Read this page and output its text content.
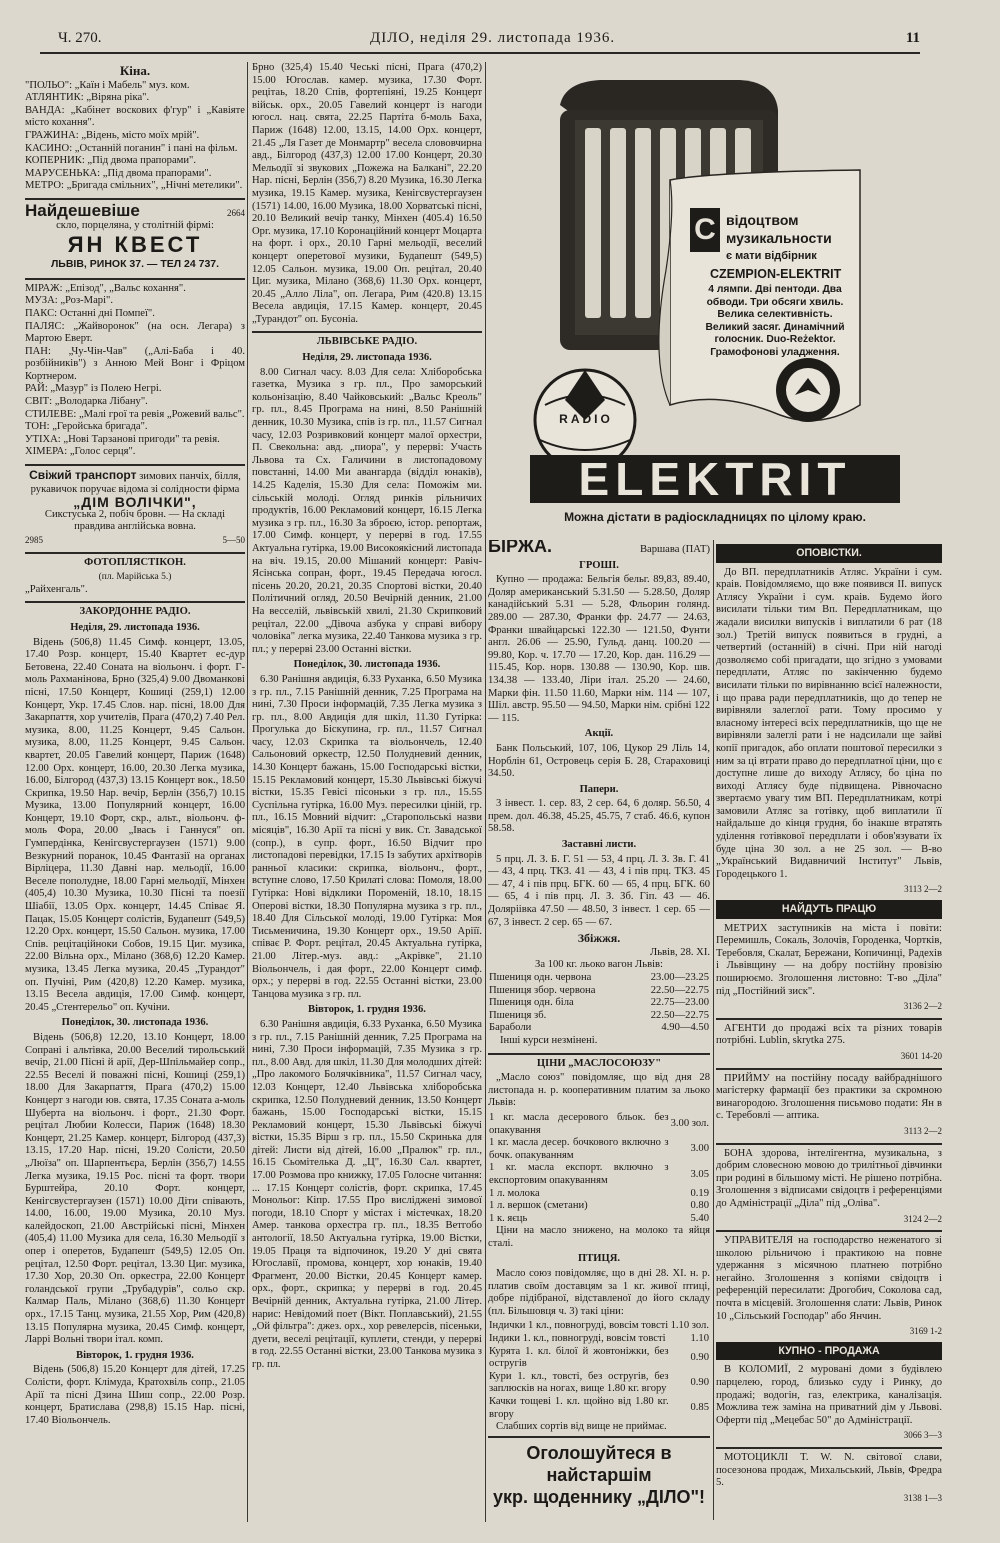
Ч. 270.	ДІЛО, неділя 29. листопада 1936.	11
Кіна.
"ПОЛЬО": „Каїн і Мабель" муз. ком.
АТЛЯНТИК: „Віряна ріка".
ВАНДА: „Кабінет воскових ф'гур" і „Кавіяте місто кохання".
ГРАЖИНА: „Відень, місто моїх мрій".
КАСИНО: „Останній поганин" і пані на фільм.
КОПЕРНИК: „Під двома прапорами".
МАРУСЕНЬКА: „Під двома прапорами".
МЕТРО: „Бригада смільних", „Нічні метелики".
Найдешевіше	2664
скло, порцеляна, у столітній фірмі:
ЯН КВЕСТ
ЛЬВІВ, РИНОК 37. — ТЕЛ 24 737.
МІРАЖ: „Епізод", „Вальс кохання".
МУЗА: „Роз-Марі".
ПАКС: Останні дні Помпеї".
ПАЛЯС: „Жайворонок" (на осн. Легара) з Мартою Еверт.
ПАН: „Чу-Чін-Чав" („Алі-Баба і 40. розбійників") з Анною Мей Вонг і Фріцом Кортнером.
РАЙ: „Мазур" із Полею Негрі.
СВІТ: „Володарка Лібану".
СТИЛЕВЕ: „Малі грої та ревія „Рожевий вальс".
ТОН: „Геройська бригада".
УТІХА: „Нові Тарзанові пригоди" та ревія.
ХІМЕРА: „Голос серця".
Свіжий транспорт зимових панчіх, білля, рукавичок поручає відома зі солідности фірма
„ДІМ ВОЛІЧКИ",
Сикстуська 2, побіч бровн. — На складі правдива англійська вовна.
2985	5—50
ФОТОПЛЯСТІКОН.
(пл. Марійська 5.)
„Райхенгаль".
ЗАКОРДОННЕ РАДІО.
Неділя, 29. листопада 1936.

Відень (506,8) 11.45 Симф. концерт, 13.05, 17.40 Розр. концерт, 15.40 Квартет ес-дур Бетовена, 22.40 Соната на віольонч. і форт. Г-моль Рахманінова, Брно (325,4) 9.00 Двоманкові пісні, 17.50 Концерт, Кошиці (259,1) 12.00 Концерт, Укр. 17.45 Слов. нар. пісні, 18.00 Для Закарпаття, хор учителів, Прага (470,2) 7.40 Рел. музика, 8.00, 11.25 Концерт, 9.45 Сальон. музика, 8.00, 11.25 Концерт, 9.45 Сальон. квартет, 20.05 Гавелий концерт, Париж (1648) 12.00 Орх. концерт, 16.00, 20.30 Легка музика, 16.00, Білгород (437,3) 13.15 Концерт вок., 18.50 Скрипка, 19.50 Нар. вечір, Берлін (356,7) 10.15 Музика, 13.00 Популярний концерт, 16.00 Концерт, 19.10 Форт, скр., альт., віольонч. ф-моль Фора, 20.00 „Івась і Ганнуся" оп. Гумпердінка, Кенігсвустергаузен (1571) 9.00 Везкурний поранок, 10.45 Фантазії на органах Вірліцера, 11.30 Давні нар. мельодії, 16.00 Веселе пополудне, 18.00 Гарні мельодії, Мінхен (405,4) 10.30 Музика, 10.30 Пісні та поезії Шіабії, 13.05 Орх. концерт, 14.45 Співає Я. Пацак, 15.05 Концерт солістів, Будапешт (549,5) 12.20 Орх. концерт, 15.50 Сальон. музика, 17.00 Спів. рецітаційноки Собов, 19.15 Циг. музика, 22.00 Вільна орх., Мілано (368,6) 12.20 Камер. музика, 13.45 Легка музика, 20.45 „Турандот" оп. Пучіні, Рим (420,8) 12.20 Камер. музика, 13.15 Весела авдиція, 17.00 Симф. концерт, 20.45 „Стентерельо" оп. Кучіни.

Понеділок, 30. листопада 1936.

Відень (506,8) 12.20, 13.10 Концерт, 18.00 Сопрані і альтівка, 20.00 Веселий тирольський вечір, 21.00 Пісні й арії, Дер-Шпільмайер сопр., 22.55 Веселі й поважні пісні, Кошиці (259,1) 18.00 Для Закарпаття, Прага (470,2) 15.00 Концерт з нагоди юв. свята, 17.35 Соната а-моль Шуберта на віольонч. і форт., 21.30 Форт. рецітал Любии Колесси, Париж (1648) 18.30 Концерт, 21.25 Камер. концерт, Білгород (437,3) 13.15, 17.20 Нар. пісні, 19.20 Солісти, 20.50 „Люїза" оп. Шарпентьєра, Берлін (356,7) 14.55 Легка музика, 19.15 Рос. пісні та форт. твори Бурштейра, 20.10 Форт. концерт, Кенігсвустергаузен (1571) 10.00 Діти співають, 14.00, 16.00, 19.00 Музика, 20.10 Муз. калейдоскоп, 21.00 Австрійські пісні, Мінхен (405,4) 11.00 Музика для села, 16.30 Мельодії з опер і оперетов, Будапешт (549,5) 12.05 Оп. рецітал, 12.50 Форт. рецітал, 13.30 Циг. музика, 17.30 Хор, 20.30 Оп. оркестра, 22.00 Концерт голандської групи „Трубадурів", сольо скр. Калмар Паль, Мілано (368,6) 11.30 Концерт орх., 17.15 Танц. музика, 21.55 Хор, Рим (420,8) 13.15 Популярна музика, 20.45 Симф. концерт, Ларрі Вольні твори італ. комп.

Вівторок, 1. грудня 1936.

Відень (506,8) 15.20 Концерт для дітей, 17.25 Солісти, форт. Клімуда, Кратохвіль сопр., 21.05 Арії та пісні Дзина Шиш сопр., 22.00 Розр. концерт, Братислава (298,8) 15.15 Нар. пісні, 17.40 Віольончель.

Брно (325,4) 15.40 Чеські пісні, Прага (470,2) 15.00 Югослав. камер. музика, 17.30 Форт. рецітаь, 18.20 Спів, фортепіяні, 19.25 Концерт військ. орх., 20.05 Гавелий концерт із нагоди югосл. нац. свята, 22.25 Партіта б-моль Баха, Париж (1648) 12.00, 13.15, 14.00 Орх. концерт, 21.45 „Ля Газет де Монмартр" весела слововчирна авд., Білгород (437,3) 12.00 17.00 Концерт, 20.30 Мельодії зі звукових „Пожежа на Балкані", 22.20 Нар. пісні, Берлін (356,7) 8.20 Музика, 16.30 Легка музика, 19.15 Камер. музика, Кенігсвустергаузен (1571) 14.00, 16.00 Музика, 18.00 Хорватські пісні, 20.10 Великий вечір танку, Мінхен (405.4) 16.50 Орг. музика, 17.10 Коронаційний концерт Моцарта на форт. і орх., 20.10 Гарні мельодії, веселий концерт оперетової музики, Будапешт (549,5) 12.05 Сальон. музика, 19.00 Оп. рецітал, 20.40 Циг. музика, Мілано (368,6) 11.30 Орх. концерт, 20.45 „Алло Ліла", оп. Легара, Рим (420.8) 13.15 Весела авдиція, 17.15 Камер. концерт, 20.45 „Турандот" оп. Бусоніа.

ЛЬВІВСЬКЕ РАДІО.
Неділя, 29. листопада 1936.

8.00 Сигнал часу. 8.03 Для села: Хліборобська газетка, Музика з гр. пл., Про заморський кольонізацію, 8.40 Чайковський: „Вальс Креоль" гр. пл., 8.45 Програма на нині, 8.50 Ранішній денник, 10.30 Музика, спів із гр. пл., 11.57 Сигнал часу, 12.03 Розривковий концерт малої орхестри, П. Свекольна: авд. „пиора", у перерві: Участь Львова та Сх. Галичини в листопадовому повстанні, 14.00 Ми авангарда (відділ юнаків), 14.25 Каделія, 15.30 Для села: Поможім ми. сільській молоді. Огляд ринків рільничих продуктів, 16.00 Рекламовий концерт, 16.15 Легка музика з гр. пл., 16.30 За зброєю, істор. репортаж, 17.00 Симф. концерт, у перерві в год. 17.55 Актуальна гутірка, 19.00 Високоякісний листопада на віч. 19.15, 20.00 Мішаний концерт: Равіч-Ясінська сопран, форт., 19.45 Передача югосл. пісень 20.20, 20.21, 20.35 Спортові вістки, 20.40 Політичний огляд, 20.50 Вечірній денник, 21.00 На весселій, львівській хвилі, 21.30 Скрипковий рецітал, 22.00 „Дівоча азбука у справі вибору чоловіка" легка музика, 22.40 Танкова музика з гр. пл.; у перерві 23.00 Останні вістки.

Понеділок, 30. листопада 1936.

6.30 Ранішня авдиція, 6.33 Руханка, 6.50 Музика з гр. пл., 7.15 Ранішній денник, 7.25 Програма на нині, 7.30 Проси інформацій, 7.35 Легка музика з гр. пл., 8.00 Авдиція для шкіл, 11.30 Гутірка: Прогулька до Біскупина, гр. пл., 11.57 Сигнал часу, 12.03 Скрипка та віольончель, 12.40 Сальоновий оркестр, 12.50 Полудневий денник, 14.30 Концерт бажань, 15.00 Господарські вістки, 15.15 Рекламовий концерт, 15.30 Львівські біжучі вістки, 15.35 Гевісі пісоньки з гр. пл., 15.55 Суспільна гутірка, 16.00 Муз. пересилки ціній, гр. пл., 16.15 Мовний відчит: „Старопольські назви місяців", 16.30 Арії та пісні у вик. Ст. Завадської (сопр.), в супр. форт., 16.50 Відчит про листопадові перевідки, 17.15 Із забутих архітворів ранньої класики: скрипка, віольонч., форт., вступне слово, 17.50 Крилаті слова: Помоля, 18.00 Гутірка: Нові відклики Пороменій, 18.10, 18.15 Оперові вістки, 18.30 Популярна музика з гр. пл., 18.40 Для Сільської молоді, 19.00 Гутірка: Моя Тисьменичина, 19.30 Концерт орх., 19.50 Аріїї. співає Р. Форт. рецітал, 20.45 Актуальна гутірка, 21.00 Літер.-муз. авд.: „Акрівке", 21.10 Віольончель, і дая форт., 22.00 Концерт симф. орх.; у перерві в год. 22.55 Останні вістки, 23.00 Танцова музика з гр. пл.

Вівторок, 1. грудня 1936.

6.30 Ранішня авдиція, 6.33 Руханка, 6.50 Музика з гр. пл., 7.15 Ранішній денник, 7.25 Програма на нині, 7.30 Проси інформацій, 7.35 Музика з гр. пл., 8.00 Авд. для шкіл, 11.30 Для молодших дітей: „Про лакомого Болячківника", 11.57 Сигнал часу, 12.03 Концерт, 12.40 Львівська хліборобська скрипка, 12.50 Полудневий денник, 13.50 Концерт бажань, 15.00 Господарські вістки, 15.15 Рекламовий концерт, 15.30 Львівські біжучі вістки, 15.35 Вірш з гр. пл., 15.50 Скринька для дітей: Листи від дітей, 16.00 „Пралюк" гр. пл., 16.15 Сьомітелька Д. „Ц", 16.30 Сал. квартет, 17.00 Розмова про книжку, 17.05 Голосне читання: ... 17.15 Концерт солістів, форт. скрипка, 17.45 Монольог: Кіпр. 17.55 Про висліджені зимової погоди, 18.10 Спорт у містах і містечках, 18.20 Амер. танкова орхестра гр. пл., 18.35 Ветгобо антології, 18.50 Актуальна гутірка, 19.00 Вістки, 19.05 Праця та відпочинок, 19.20 У дні свята Югославії, промова, концерт, хор юнаків, 19.40 Фрагмент, 20.00 Вістки, 20.45 Концерт камер. орх., форт., скрипка; у перерві в год. 20.45 Вечірній денник, Актуальна гутірка, 21.00 Літер. нарис: Невідомий поет (Вікт. Поплавський), 21.55 „Ой фільтра": джез. орх., хор ревелерсів, пісеньки, дуети, веселі рецітації, куплети, стенди, у перерві в год. 22.55 Останні вістки, 23.00 Танкова музика з гр. пл.

С відоцтвом
музикальности
є мати відбірник
CZEMPION-ELEKTRIT
4 лямпи. Дві пентоди. Два обводи. Три обсяги хвиль. Велика селективність. Великий засяг. Динамічний голосник. Duo-Reżektor. Грамофонові уладження.
RADIO
ELEKTRIT
Можна дістати в радіоскладницях по цілому краю.
БІРЖА.	Варшава (ПАТ)
ГРОШІ.

Купно — продажа: Бельгія бельг. 89,83, 89.40, Доляр американський 5.31.50 — 5.28.50, Доляр канадійський 5.31 — 5.28, Фльорин голянд. 289.00 — 287.30, Франки фр. 24.77 — 24.63, Франки швайцарські 122.30 — 121.50, Фунти англ. 26.06 — 25.90, Гульд. данц. 100.20 — 99.80, Кор. ч. 17.70 — 17.20, Кор. дан. 116.29 — 115.45, Кор. норв. 130.88 — 130.90, Кор. шв. 134.38 — 133.40, Ліри італ. 25.20 — 24.60, Марки фін. 11.50 11.60, Марки нім. 114 — 107, Шіл. австр. 95.50 — 94.50, Марки нім. срібні 122 — 115.

Акції.

Банк Польський, 107, 106, Цукор 29 Ліль 14, Норблін 61, Островець серія Б. 28, Стараховиці 34.50.

Папери.

3 інвест. 1. сер. 83, 2 сер. 64, 6 доляр. 56.50, 4 прем. дол. 46.38, 45.25, 45.75, 7 стаб. 46.6, купон 58.58.

Заставні листи.

5 прц. Л. З. Б. Г. 51 — 53, 4 прц. Л. З. Зв. Г. 41 — 43, 4 прц. ТКЗ. 41 — 43, 4 і пів прц. ТКЗ. 45 — 47, 4 і пів прц. БГК. 60 — 65, 4 прц. БГК. 60 — 65, 4 і пів прц. Л. З. Зб. Гіп. 43 — 46. Доляріівка 47.50 — 48.50, 3 інвест. 1 сер. 65 — 67, 3 інвест. 2 сер. 65 — 67.

Збіжжя.
Львів, 28. XI.
За 100 кг. льоко вагон Львів:
Пшениця одн. червона	23.00—23.25
Пшениця збор. червона	22.50—22.75
Пшениця одн. біла	22.75—23.00
Пшениця зб.	22.50—22.75
Бараболи	4.90—4.50
Інші курси незмінені.
ЦІНИ „МАСЛОСОЮЗУ"

„Масло союз" повідомляє, що від дня 28 листопада н. р. кооперативним платим за льоко Львів:

1 кг. масла десерового бльок. без опакування	3.00 зол.
1 кг. масла десер. бочкового включно з бочк. опакуванням	3.00
1 кг. масла експорт. включно з експортовим опакуванням	3.05
1 л. молока	0.19
1 л. вершок (сметани)	0.80
1 к. яєць	5.40

Ціни на масло знижено, на молоко та яйця сталі.

ПТИЦЯ.

Масло союз повідомляє, що в дні 28. XI. н. р. платив своїм доставцям за 1 кг. живої птиці, добре підібраної, відставленої до його складу (пл. Більшовця ч. 3) такі ціни:

Індички 1 кл., повногруді, вовсім товсті	1.10 зол.
Індики 1. кл., повногруді, вовсім товсті	1.10
Курята 1. кл. білої й жовтоніжки, без остругів	0.90
Кури 1. кл., товсті, без остругів, без заплюсків на ногах, вище 1.80 кг. вгору	0.90
Качки тощеві 1. кл. щойно від 1.80 кг. вгору	0.85

Слабших сортів від вище не приймає.

Оголошуйтеся в найстаршім
укр. щоденнику „ДІЛО"!
ОПОВІСТКИ.

До ВП. передплатників Атляс. України і сум. краів. Повідомляємо, що вже появився II. випуск Атлясу України і сум. краів. Будемо його висилати тільки тим Вп. Передплатникам, що жадали висилки випусків і виплатили 6 рат (18 зол.) Третій випуск появиться в грудні, а четвертий (останній) в січні. При ній нагоді дозволяємо собі пригадати, що згідно з умовами передплати, Атляс по закінченню будемо висилати тільки по вирівнанню всієї належности, і що права ради передплатників, що до тепер не вирівняли залеглої рати. Тому просимо у власному інтересі всіх передплатників, що ще не вирівняли залеглі рати і не надсилали ще зайві копії пригадок, або оплати поштової пересилки з ним за ці втрати право до передплатної ціни, що є доступне лише до виходу Атлясу, бо ціна по виході Атлясу буде підвищена. Рівночасно звертаємо увагу тим ВП. Передплатникам, котрі замовили Атляс за готівку, щоб виплатили її найдальше до кінця грудня, бо інакше втратять уділення готівкової передплати і обов'язувати їх буде ціна 30 зол. а не 25 зол. — В-во „Український Видавничий Інститут" Львів, Городецького 1.

3113 2—2
НАЙДУТЬ ПРАЦЮ

МЕТРИХ заступників на міста і повіти: Перемишль, Сокаль, Золочів, Городенка, Чортків, Теребовля, Скалат, Бережани, Копичинці, Радехів і Львівщину — на добру постійну провізію поширюємо. Зголошення листовно: Т-во „Діла" під „Постійний зиск".

3136 2—2

АГЕНТИ до продажі всіх та різних товарів потрібні. Lublin, skrytka 275.

3601 14-20

ПРИЙМУ на постійну посаду вайбраднішого магістерку фармації без практики за скромною винагородою. Зголошення письмово подати: Ян в с. Теребовлі — аптика.

3113 2—2

БОНА здорова, інтелігентна, музикальна, з добрим словесною мовою до трилітньої дівчинки при родині в більшому місті. Не рішено потрібна. Зголошення з відписами свідоцтв і референціями до Адміністрації „Діла" під „Оліва".

3124 2—2

УПРАВИТЕЛЯ на господарство неженатого зі школою рільничою і практикою на повне удержання з місячною платнею потрібно негайно. Зголошення з копіями свідоцтв і референцій пересилати: Дрогобич, Соколова сад, почта в місцевій. Зголошення слати: Львів, Ринок 10 „Сільський Господар" або Янчин.

3169 1-2
КУПНО - ПРОДАЖА

В КОЛОМИЇ, 2 муровані доми з будівлею парцелею, город, близько суду і Ринку, до продажі; водогін, газ, електрика, каналізація. Можлива теж заміна на приватний дім у Львові. Оферти під „Мецебас 50" до Адміністрації.

3066 3—3

МОТОЦИКЛІ T. W. N. світової слави, посезонова продаж, Михальський, Львів, Фредра 5.

3138 1—3
